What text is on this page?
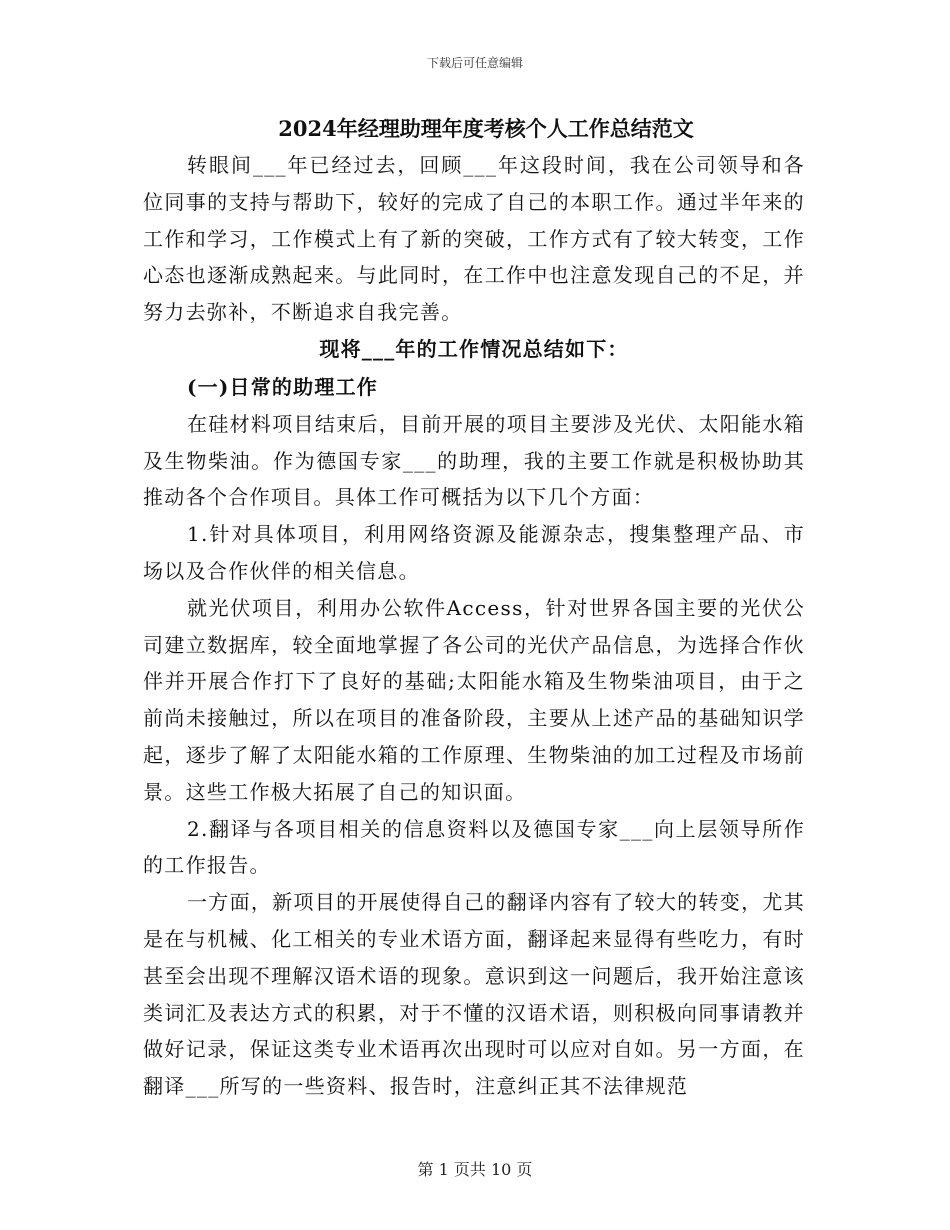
下载后可任意编辑
2024年经理助理年度考核个人工作总结范文

转眼间___年已经过去，回顾___年这段时间，我在公司领导和各位同事的支持与帮助下，较好的完成了自己的本职工作。通过半年来的工作和学习，工作模式上有了新的突破，工作方式有了较大转变，工作心态也逐渐成熟起来。与此同时，在工作中也注意发现自己的不足，并努力去弥补，不断追求自我完善。

现将___年的工作情况总结如下：
(一)日常的助理工作

在硅材料项目结束后，目前开展的项目主要涉及光伏、太阳能水箱及生物柴油。作为德国专家___的助理，我的主要工作就是积极协助其推动各个合作项目。具体工作可概括为以下几个方面：

1.针对具体项目，利用网络资源及能源杂志，搜集整理产品、市场以及合作伙伴的相关信息。

就光伏项目，利用办公软件Access，针对世界各国主要的光伏公司建立数据库，较全面地掌握了各公司的光伏产品信息，为选择合作伙伴并开展合作打下了良好的基础;太阳能水箱及生物柴油项目，由于之前尚未接触过，所以在项目的准备阶段，主要从上述产品的基础知识学起，逐步了解了太阳能水箱的工作原理、生物柴油的加工过程及市场前景。这些工作极大拓展了自己的知识面。

2.翻译与各项目相关的信息资料以及德国专家___向上层领导所作的工作报告。

一方面，新项目的开展使得自己的翻译内容有了较大的转变，尤其是在与机械、化工相关的专业术语方面，翻译起来显得有些吃力，有时甚至会出现不理解汉语术语的现象。意识到这一问题后，我开始注意该类词汇及表达方式的积累，对于不懂的汉语术语，则积极向同事请教并做好记录，保证这类专业术语再次出现时可以应对自如。另一方面，在翻译___所写的一些资料、报告时，注意纠正其不法律规范

第 1 页共 10 页
